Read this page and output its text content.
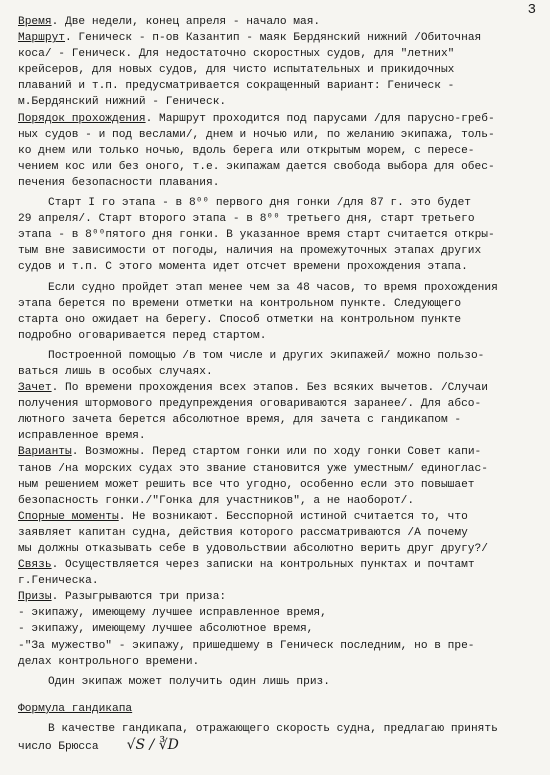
3

Время. Две недели, конец апреля - начало мая.

Маршрут. Геническ - п-ов Казантип - маяк Бердянский нижний /Обиточная

коса/ - Геническ. Для недостаточно скоростных судов, для "летних"

крейсеров, для новых судов, для чисто испытательных и прикидочных

плаваний и т.п. предусматривается сокращенный вариант: Геническ -

м.Бердянский нижний - Геническ.

Порядок прохождения. Маршрут проходится под парусами /для парусно-греб-

ных судов - и под веслами/, днем и ночью или, по желанию экипажа, толь-

ко днем или только ночью, вдоль берега или открытым морем, с пересе-

чением кос или без оного, т.е. экипажам дается свобода выбора для обес-

печения безопасности плавания.

Старт I го этапа - в 8⁰⁰ первого дня гонки /для 87 г. это будет

29 апреля/. Старт второго этапа - в 8⁰⁰ третьего дня, старт третьего

этапа - в 8⁰⁰пятого дня гонки. В указанное время старт считается откры-

тым вне зависимости от погоды, наличия на промежуточных этапах других

судов и т.п. С этого момента идет отсчет времени прохождения этапа.

Если судно пройдет этап менее чем за 48 часов, то время прохождения

этапа берется по времени отметки на контрольном пункте. Следующего

старта оно ожидает на берегу. Способ отметки на контрольном пункте

подробно оговаривается перед стартом.

Построенной помощью /в том числе и других экипажей/ можно пользо-

ваться лишь в особых случаях.

Зачет. По времени прохождения всех этапов. Без всяких вычетов. /Случаи

получения штормового предупреждения оговариваются заранее/. Для абсо-

лютного зачета берется абсолютное время, для зачета с гандикапом -

исправленное время.

Варианты. Возможны. Перед стартом гонки или по ходу гонки Совет капи-

танов /на морских судах это звание становится уже уместным/ единоглас-

ным решением может решить все что угодно, особенно если это повышает

безопасность гонки./"Гонка для участников", а не наоборот/.

Спорные моменты. Не возникают. Бесспорной истиной считается то, что

заявляет капитан судна, действия которого рассматриваются /А почему

мы должны отказывать себе в удовольствии абсолютно верить друг другу?/

Связь. Осуществляется через записки на контрольных пунктах и почтамт

г.Геническа.

Призы. Разыгрываются три приза:

- экипажу, имеющему лучшее исправленное время,

- экипажу, имеющему лучшее абсолютное время,

-"За мужество" - экипажу, пришедшему в Геническ последним, но в пре-

делах контрольного времени.

Один экипаж может получить один лишь приз.

Формула гандикапа

В качестве гандикапа, отражающего скорость судна, предлагаю принять

число Брюсса √S / ∛D
